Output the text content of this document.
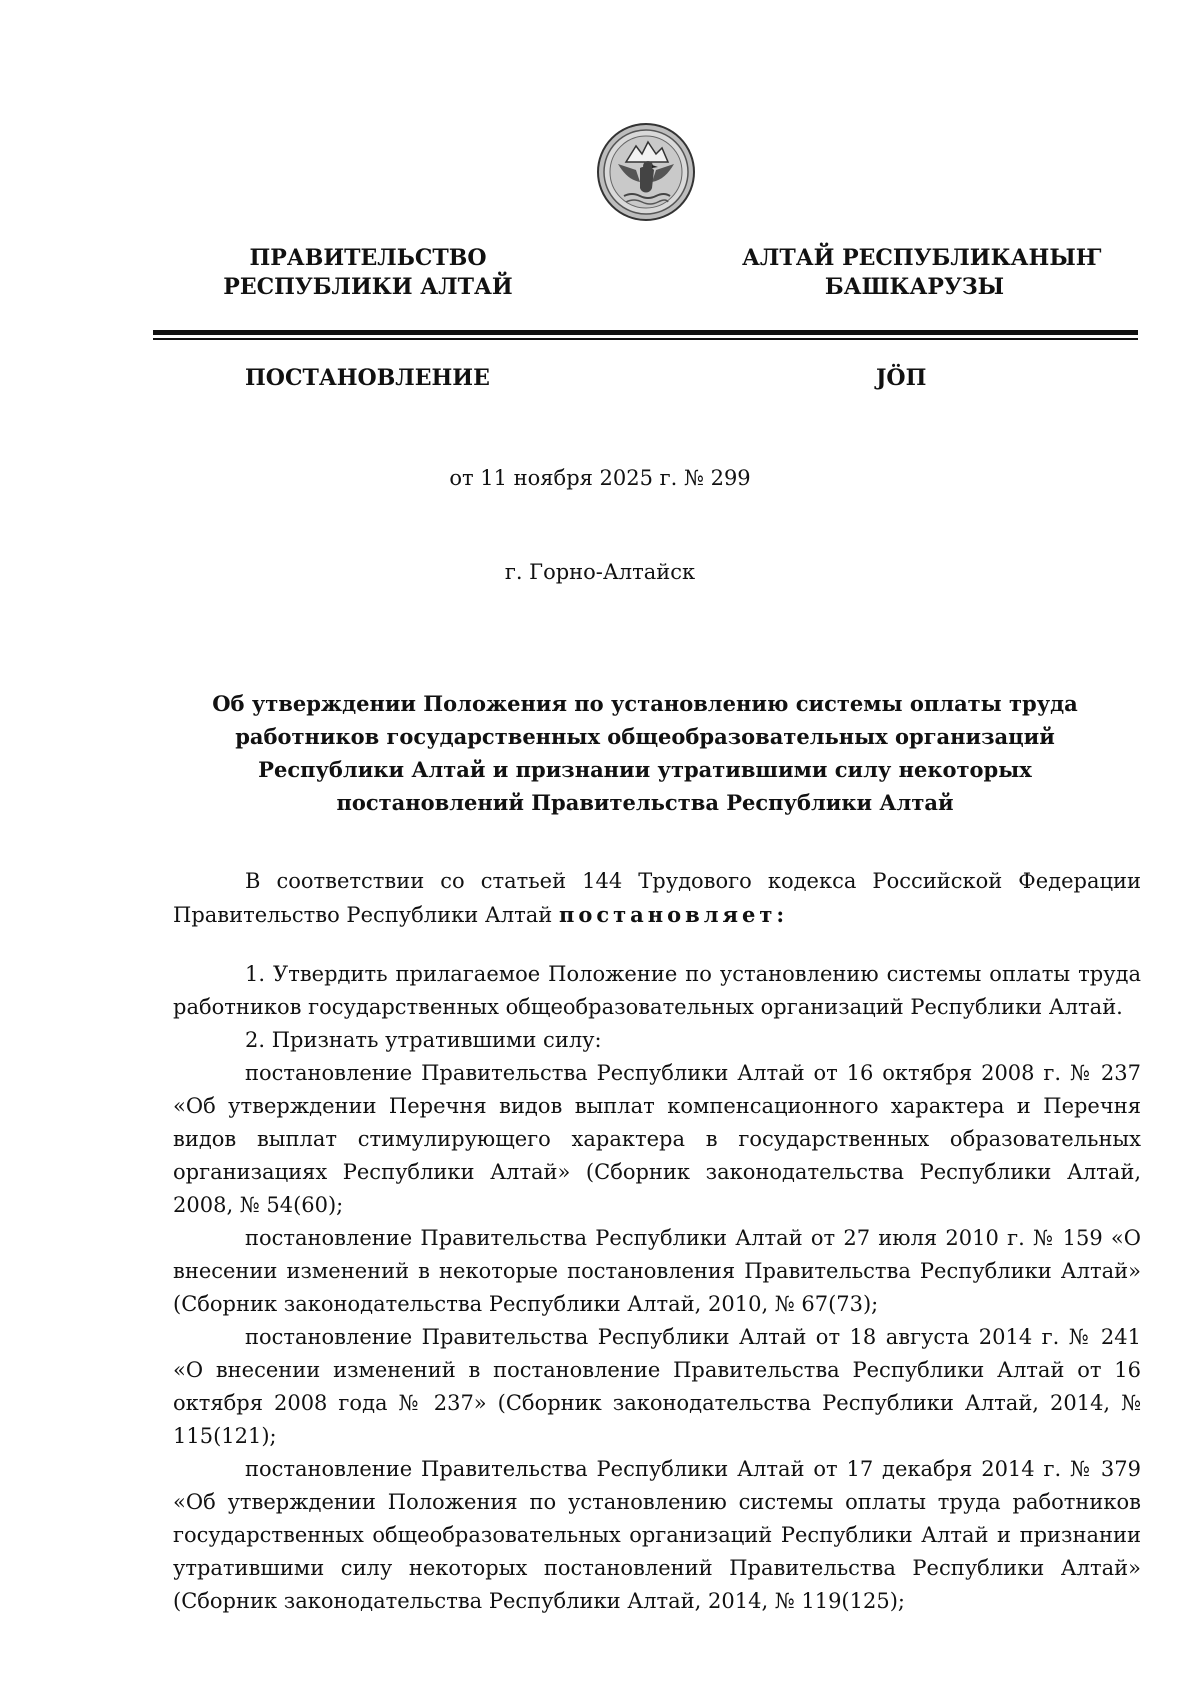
ПРАВИТЕЛЬСТВО
РЕСПУБЛИКИ АЛТАЙ
АЛТАЙ РЕСПУБЛИКАНЫҤ
БАШКАРУЗЫ
ПОСТАНОВЛЕНИЕ	JӦП
от 11 ноября 2025 г. № 299
г. Горно-Алтайск
Об утверждении Положения по установлению системы оплаты труда
работников государственных общеобразовательных организаций
Республики Алтай и признании утратившими силу некоторых
постановлений Правительства Республики Алтай

В соответствии со статьей 144 Трудового кодекса Российской Федерации Правительство Республики Алтай постановляет:

1. Утвердить прилагаемое Положение по установлению системы оплаты труда работников государственных общеобразовательных организаций Республики Алтай.

2. Признать утратившими силу:

постановление Правительства Республики Алтай от 16 октября 2008 г. № 237 «Об утверждении Перечня видов выплат компенсационного характера и Перечня видов выплат стимулирующего характера в государственных образовательных организациях Республики Алтай» (Сборник законодательства Республики Алтай, 2008, № 54(60);

постановление Правительства Республики Алтай от 27 июля 2010 г. № 159 «О внесении изменений в некоторые постановления Правительства Республики Алтай» (Сборник законодательства Республики Алтай, 2010, № 67(73);

постановление Правительства Республики Алтай от 18 августа 2014 г. № 241 «О внесении изменений в постановление Правительства Республики Алтай от 16 октября 2008 года № 237» (Сборник законодательства Республики Алтай, 2014, № 115(121);

постановление Правительства Республики Алтай от 17 декабря 2014 г. № 379 «Об утверждении Положения по установлению системы оплаты труда работников государственных общеобразовательных организаций Республики Алтай и признании утратившими силу некоторых постановлений Правительства Республики Алтай» (Сборник законодательства Республики Алтай, 2014, № 119(125);
